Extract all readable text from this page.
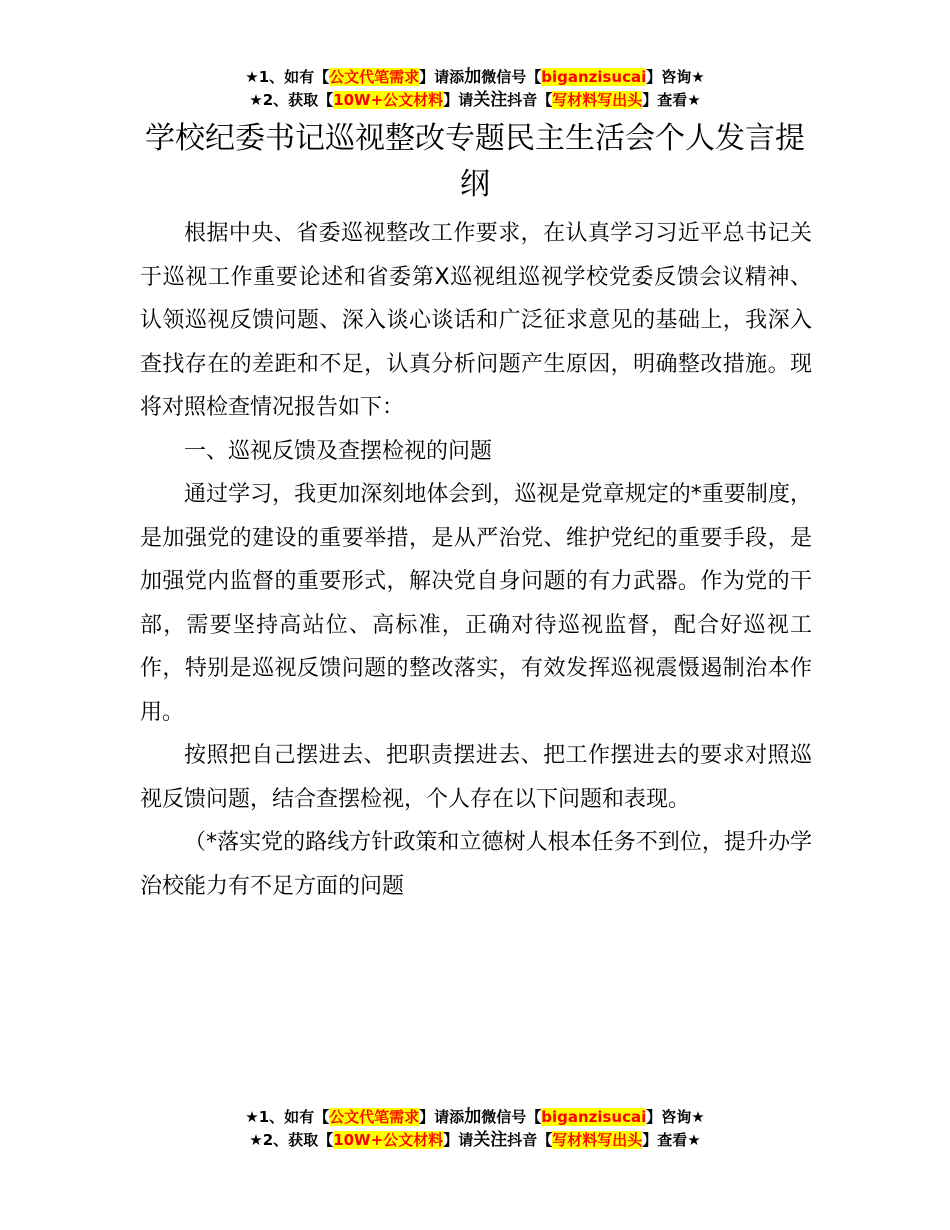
★1、如有【公文代笔需求】请添加微信号【biganzisucai】咨询★
★2、获取【10W+公文材料】请关注抖音【写材料写出头】查看★
学校纪委书记巡视整改专题民主生活会个人发言提纲

根据中央、省委巡视整改工作要求，在认真学习习近平总书记关于巡视工作重要论述和省委第X巡视组巡视学校党委反馈会议精神、认领巡视反馈问题、深入谈心谈话和广泛征求意见的基础上，我深入查找存在的差距和不足，认真分析问题产生原因，明确整改措施。现将对照检查情况报告如下：

一、巡视反馈及查摆检视的问题

通过学习，我更加深刻地体会到，巡视是党章规定的*重要制度，是加强党的建设的重要举措，是从严治党、维护党纪的重要手段，是加强党内监督的重要形式，解决党自身问题的有力武器。作为党的干部，需要坚持高站位、高标准，正确对待巡视监督，配合好巡视工作，特别是巡视反馈问题的整改落实，有效发挥巡视震慑遏制治本作用。

按照把自己摆进去、把职责摆进去、把工作摆进去的要求对照巡视反馈问题，结合查摆检视，个人存在以下问题和表现。

（*落实党的路线方针政策和立德树人根本任务不到位，提升办学治校能力有不足方面的问题

★1、如有【公文代笔需求】请添加微信号【biganzisucai】咨询★
★2、获取【10W+公文材料】请关注抖音【写材料写出头】查看★
